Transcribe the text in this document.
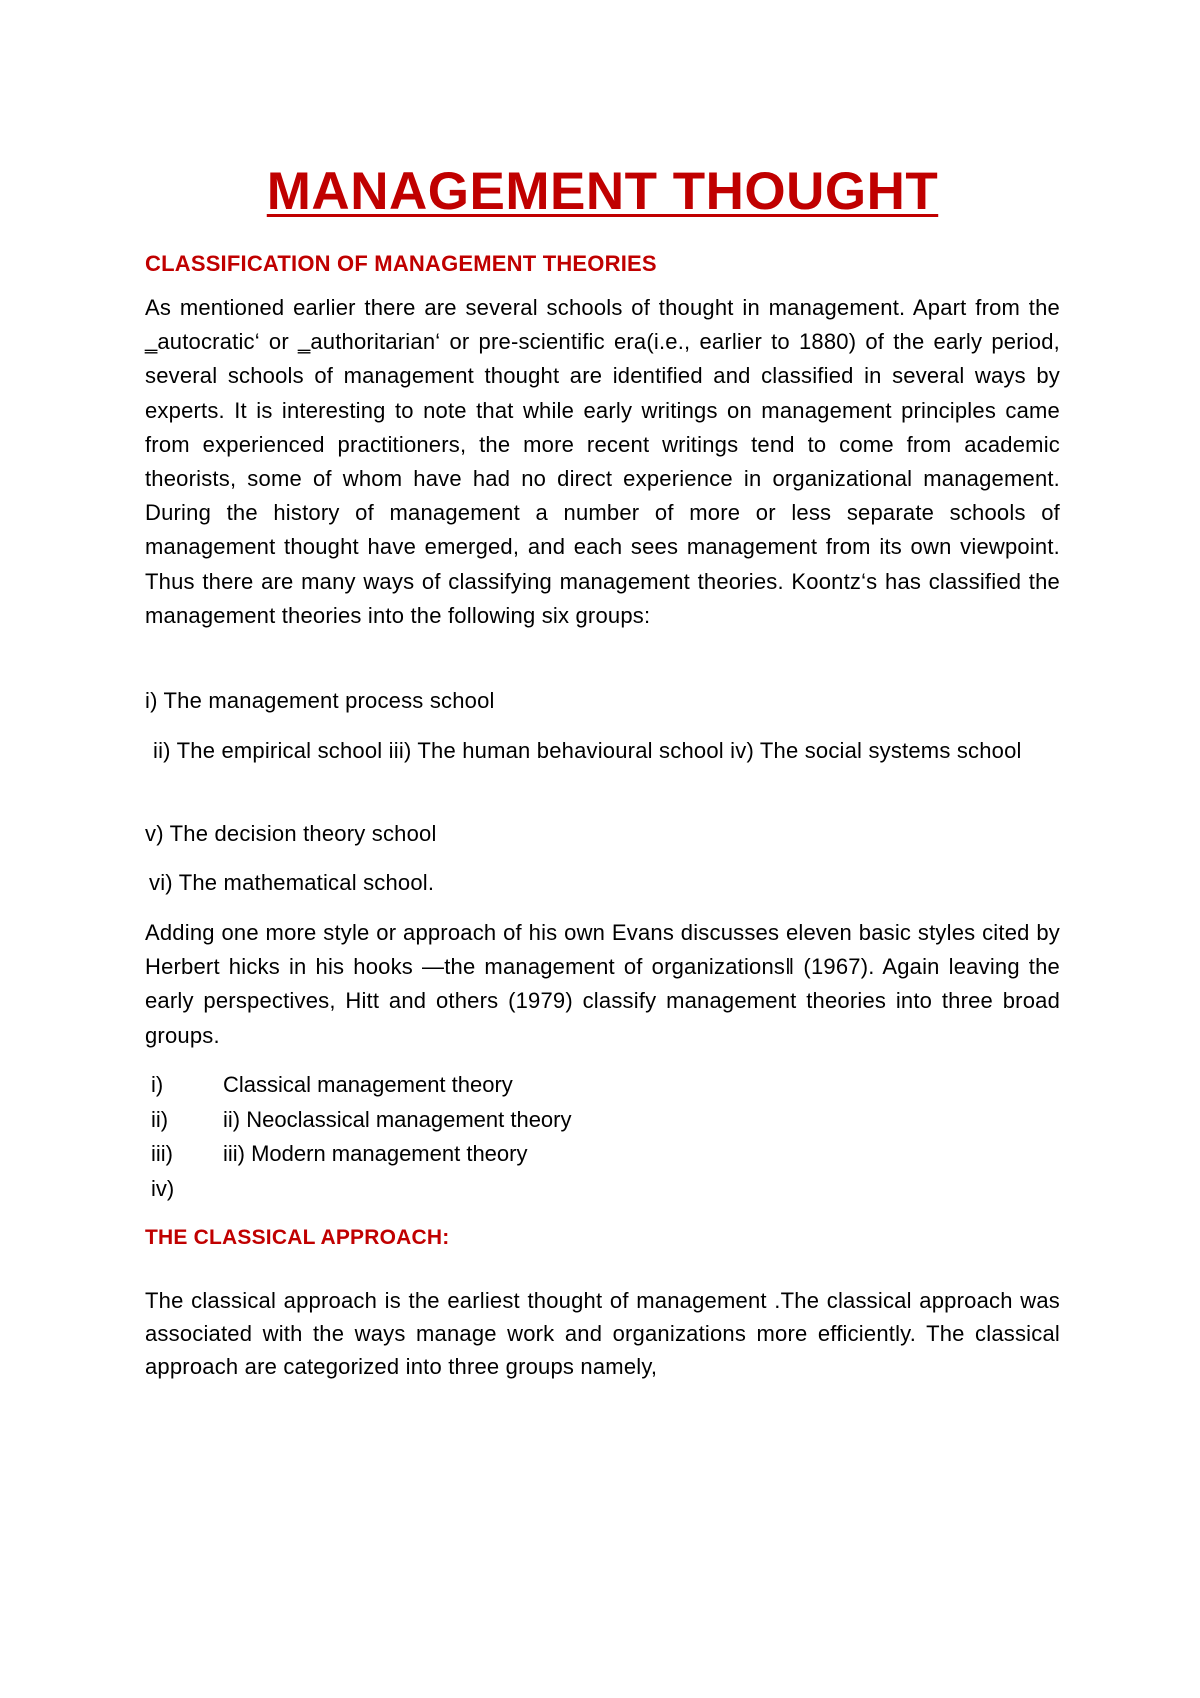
MANAGEMENT THOUGHT
CLASSIFICATION OF MANAGEMENT THEORIES

As mentioned earlier there are several schools of thought in management. Apart from the ‗autocratic‘ or ‗authoritarian‘ or pre-scientific era(i.e., earlier to 1880) of the early period, several schools of management thought are identified and classified in several ways by experts. It is interesting to note that while early writings on management principles came from experienced practitioners, the more recent writings tend to come from academic theorists, some of whom have had no direct experience in organizational management. During the history of management a number of more or less separate schools of management thought have emerged, and each sees management from its own viewpoint. Thus there are many ways of classifying management theories. Koontz‘s has classified the management theories into the following six groups:

i) The management process school

ii) The empirical school iii) The human behavioural school iv) The social systems school

v) The decision theory school

vi) The mathematical school.

Adding one more style or approach of his own Evans discusses eleven basic styles cited by Herbert hicks in his hooks —the management of organizations‖ (1967). Again leaving the early perspectives, Hitt and others (1979) classify management theories into three broad groups.

i)	Classical management theory
ii)	ii) Neoclassical management theory
iii)	iii) Modern management theory
iv)
THE CLASSICAL APPROACH:

The classical approach is the earliest thought of management .The classical approach was associated with the ways manage work and organizations more efficiently. The classical approach are categorized into three groups namely,
